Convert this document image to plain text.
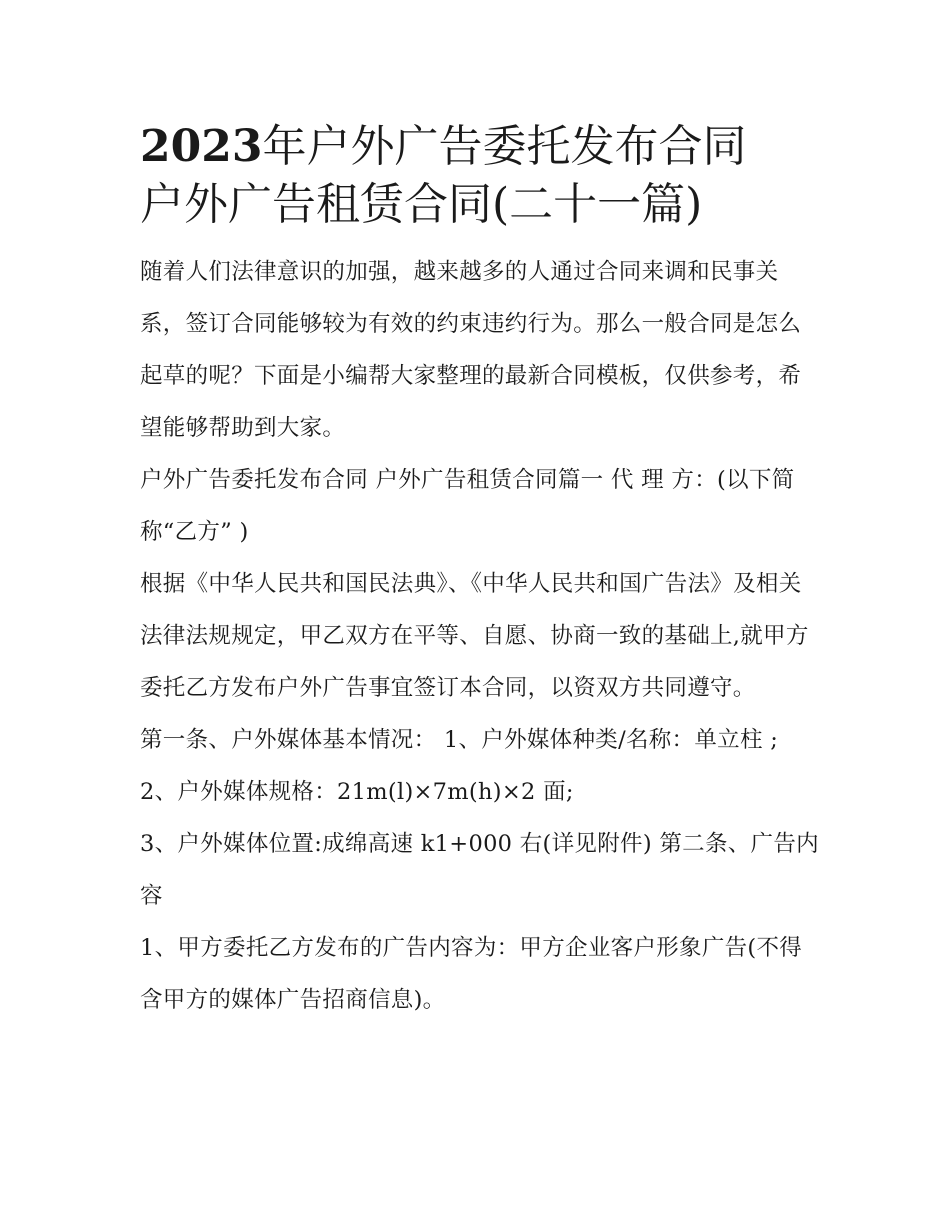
2023年户外广告委托发布合同
户外广告租赁合同(二十一篇)

随着人们法律意识的加强，越来越多的人通过合同来调和民事关系，签订合同能够较为有效的约束违约行为。那么一般合同是怎么起草的呢？下面是小编帮大家整理的最新合同模板，仅供参考，希望能够帮助到大家。

户外广告委托发布合同 户外广告租赁合同篇一 代 理 方：(以下简称“乙方” )

根据《中华人民共和国民法典》、《中华人民共和国广告法》及相关法律法规规定，甲乙双方在平等、自愿、协商一致的基础上,就甲方委托乙方发布户外广告事宜签订本合同，以资双方共同遵守。

第一条、户外媒体基本情况： 1、户外媒体种类/名称：单立柱 ; 2、户外媒体规格：21m(l)×7m(h)×2 面;

3、户外媒体位置:成绵高速 k1+000 右(详见附件) 第二条、广告内容

1、甲方委托乙方发布的广告内容为：甲方企业客户形象广告(不得含甲方的媒体广告招商信息)。
